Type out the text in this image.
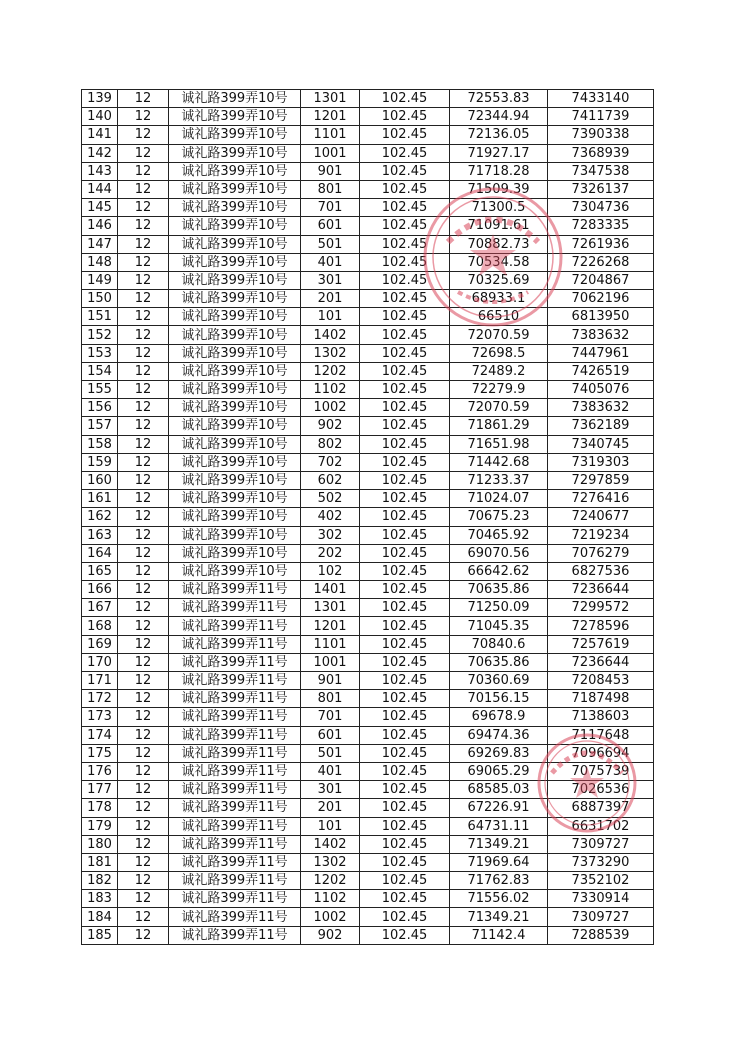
139	12	诚礼路399弄10号	1301	102.45	72553.83	7433140
140	12	诚礼路399弄10号	1201	102.45	72344.94	7411739
141	12	诚礼路399弄10号	1101	102.45	72136.05	7390338
142	12	诚礼路399弄10号	1001	102.45	71927.17	7368939
143	12	诚礼路399弄10号	901	102.45	71718.28	7347538
144	12	诚礼路399弄10号	801	102.45	71509.39	7326137
145	12	诚礼路399弄10号	701	102.45	71300.5	7304736
146	12	诚礼路399弄10号	601	102.45	71091.61	7283335
147	12	诚礼路399弄10号	501	102.45	70882.73	7261936
148	12	诚礼路399弄10号	401	102.45	70534.58	7226268
149	12	诚礼路399弄10号	301	102.45	70325.69	7204867
150	12	诚礼路399弄10号	201	102.45	68933.1	7062196
151	12	诚礼路399弄10号	101	102.45	66510	6813950
152	12	诚礼路399弄10号	1402	102.45	72070.59	7383632
153	12	诚礼路399弄10号	1302	102.45	72698.5	7447961
154	12	诚礼路399弄10号	1202	102.45	72489.2	7426519
155	12	诚礼路399弄10号	1102	102.45	72279.9	7405076
156	12	诚礼路399弄10号	1002	102.45	72070.59	7383632
157	12	诚礼路399弄10号	902	102.45	71861.29	7362189
158	12	诚礼路399弄10号	802	102.45	71651.98	7340745
159	12	诚礼路399弄10号	702	102.45	71442.68	7319303
160	12	诚礼路399弄10号	602	102.45	71233.37	7297859
161	12	诚礼路399弄10号	502	102.45	71024.07	7276416
162	12	诚礼路399弄10号	402	102.45	70675.23	7240677
163	12	诚礼路399弄10号	302	102.45	70465.92	7219234
164	12	诚礼路399弄10号	202	102.45	69070.56	7076279
165	12	诚礼路399弄10号	102	102.45	66642.62	6827536
166	12	诚礼路399弄11号	1401	102.45	70635.86	7236644
167	12	诚礼路399弄11号	1301	102.45	71250.09	7299572
168	12	诚礼路399弄11号	1201	102.45	71045.35	7278596
169	12	诚礼路399弄11号	1101	102.45	70840.6	7257619
170	12	诚礼路399弄11号	1001	102.45	70635.86	7236644
171	12	诚礼路399弄11号	901	102.45	70360.69	7208453
172	12	诚礼路399弄11号	801	102.45	70156.15	7187498
173	12	诚礼路399弄11号	701	102.45	69678.9	7138603
174	12	诚礼路399弄11号	601	102.45	69474.36	7117648
175	12	诚礼路399弄11号	501	102.45	69269.83	7096694
176	12	诚礼路399弄11号	401	102.45	69065.29	7075739
177	12	诚礼路399弄11号	301	102.45	68585.03	7026536
178	12	诚礼路399弄11号	201	102.45	67226.91	6887397
179	12	诚礼路399弄11号	101	102.45	64731.11	6631702
180	12	诚礼路399弄11号	1402	102.45	71349.21	7309727
181	12	诚礼路399弄11号	1302	102.45	71969.64	7373290
182	12	诚礼路399弄11号	1202	102.45	71762.83	7352102
183	12	诚礼路399弄11号	1102	102.45	71556.02	7330914
184	12	诚礼路399弄11号	1002	102.45	71349.21	7309727
185	12	诚礼路399弄11号	902	102.45	71142.4	7288539
